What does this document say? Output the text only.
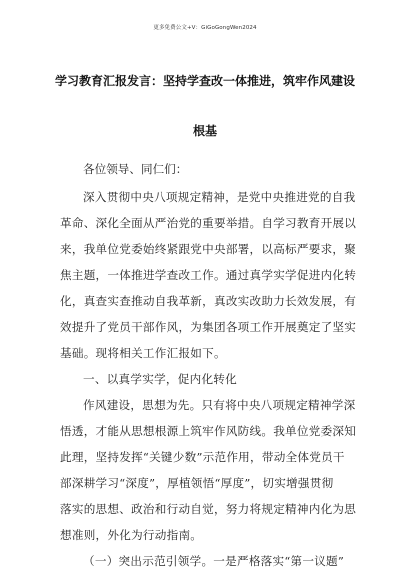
更多免费公文+V：GiGoGongWen2024
学习教育汇报发言：坚持学查改一体推进，筑牢作风建设
根基
各位领导、同仁们：
深入贯彻中央八项规定精神，是党中央推进党的自我
革命、深化全面从严治党的重要举措。自学习教育开展以
来，我单位党委始终紧跟党中央部署，以高标严要求，聚
焦主题，一体推进学查改工作。通过真学实学促进内化转
化，真查实查推动自我革新，真改实改助力长效发展，有
效提升了党员干部作风，为集团各项工作开展奠定了坚实
基础。现将相关工作汇报如下。
一、以真学实学，促内化转化
作风建设，思想为先。只有将中央八项规定精神学深
悟透，才能从思想根源上筑牢作风防线。我单位党委深知
此理，坚持发挥“关键少数”示范作用，带动全体党员干
部深耕学习“深度”，厚植领悟“厚度”，切实增强贯彻
落实的思想、政治和行动自觉，努力将规定精神内化为思
想准则，外化为行动指南。
（一）突出示范引领学。一是严格落实“第一议题”
